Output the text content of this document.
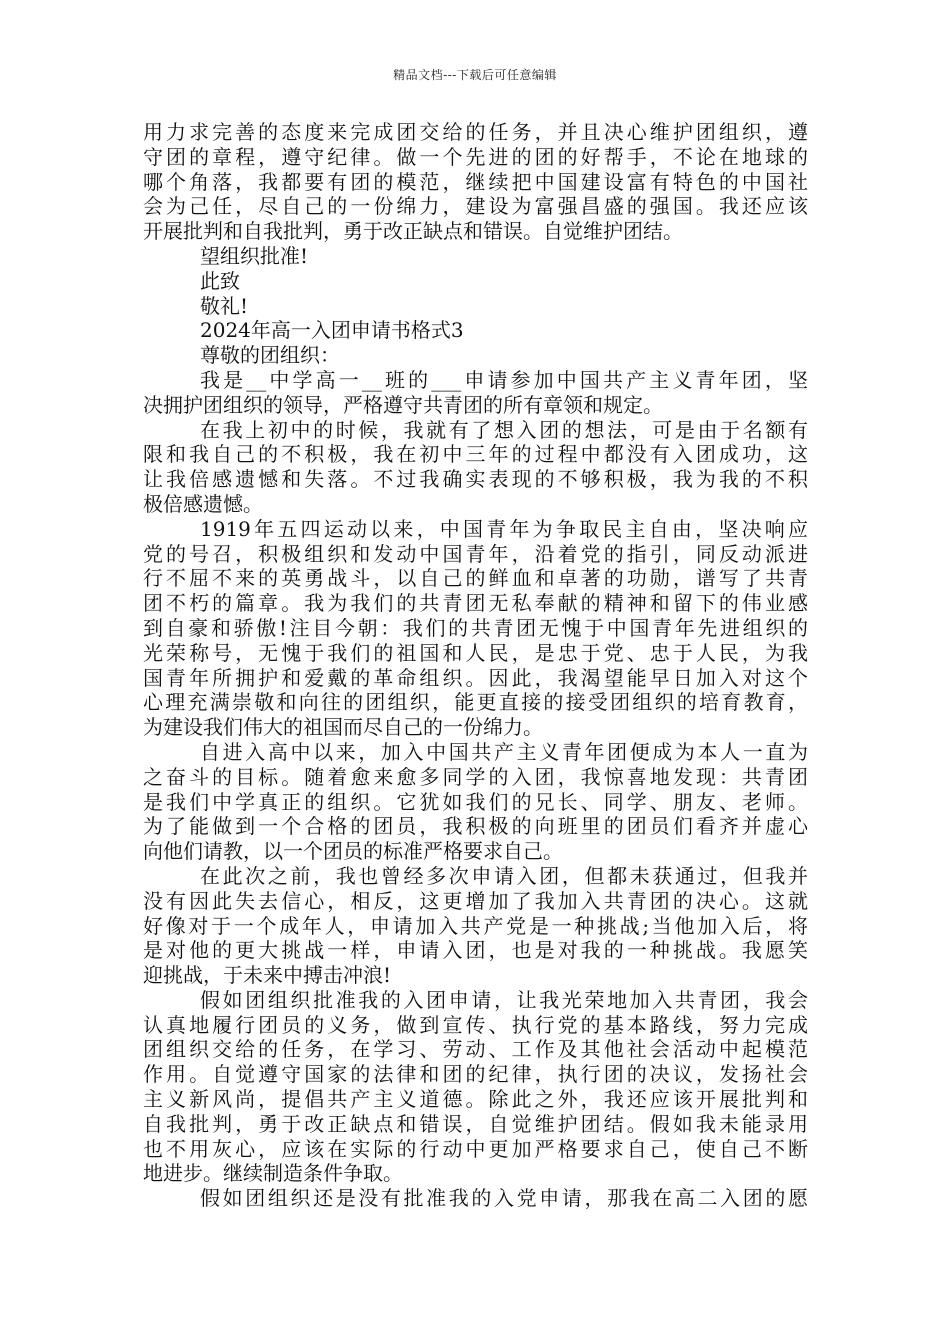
精品文档---下载后可任意编辑
用力求完善的态度来完成团交给的任务，并且决心维护团组织，遵
守团的章程，遵守纪律。做一个先进的团的好帮手，不论在地球的
哪个角落，我都要有团的模范，继续把中国建设富有特色的中国社
会为己任，尽自己的一份绵力，建设为富强昌盛的强国。我还应该
开展批判和自我批判，勇于改正缺点和错误。自觉维护团结。
望组织批准!
此致
敬礼!
2024年高一入团申请书格式3
尊敬的团组织：
我是__中学高一__班的___申请参加中国共产主义青年团，坚
决拥护团组织的领导，严格遵守共青团的所有章领和规定。
在我上初中的时候，我就有了想入团的想法，可是由于名额有
限和我自己的不积极，我在初中三年的过程中都没有入团成功，这
让我倍感遗憾和失落。不过我确实表现的不够积极，我为我的不积
极倍感遗憾。
1919年五四运动以来，中国青年为争取民主自由，坚决响应
党的号召，积极组织和发动中国青年，沿着党的指引，同反动派进
行不屈不来的英勇战斗，以自己的鲜血和卓著的功勋，谱写了共青
团不朽的篇章。我为我们的共青团无私奉献的精神和留下的伟业感
到自豪和骄傲!注目今朝：我们的共青团无愧于中国青年先进组织的
光荣称号，无愧于我们的祖国和人民，是忠于党、忠于人民，为我
国青年所拥护和爱戴的革命组织。因此，我渴望能早日加入对这个
心理充满崇敬和向往的团组织，能更直接的接受团组织的培育教育，
为建设我们伟大的祖国而尽自己的一份绵力。
自进入高中以来，加入中国共产主义青年团便成为本人一直为
之奋斗的目标。随着愈来愈多同学的入团，我惊喜地发现：共青团
是我们中学真正的组织。它犹如我们的兄长、同学、朋友、老师。
为了能做到一个合格的团员，我积极的向班里的团员们看齐并虚心
向他们请教，以一个团员的标准严格要求自己。
在此次之前，我也曾经多次申请入团，但都未获通过，但我并
没有因此失去信心，相反，这更增加了我加入共青团的决心。这就
好像对于一个成年人，申请加入共产党是一种挑战;当他加入后，将
是对他的更大挑战一样，申请入团，也是对我的一种挑战。我愿笑
迎挑战，于未来中搏击冲浪!
假如团组织批准我的入团申请，让我光荣地加入共青团，我会
认真地履行团员的义务，做到宣传、执行党的基本路线，努力完成
团组织交给的任务，在学习、劳动、工作及其他社会活动中起模范
作用。自觉遵守国家的法律和团的纪律，执行团的决议，发扬社会
主义新风尚，提倡共产主义道德。除此之外，我还应该开展批判和
自我批判，勇于改正缺点和错误，自觉维护团结。假如我未能录用
也不用灰心，应该在实际的行动中更加严格要求自己，使自己不断
地进步。继续制造条件争取。
假如团组织还是没有批准我的入党申请，那我在高二入团的愿
